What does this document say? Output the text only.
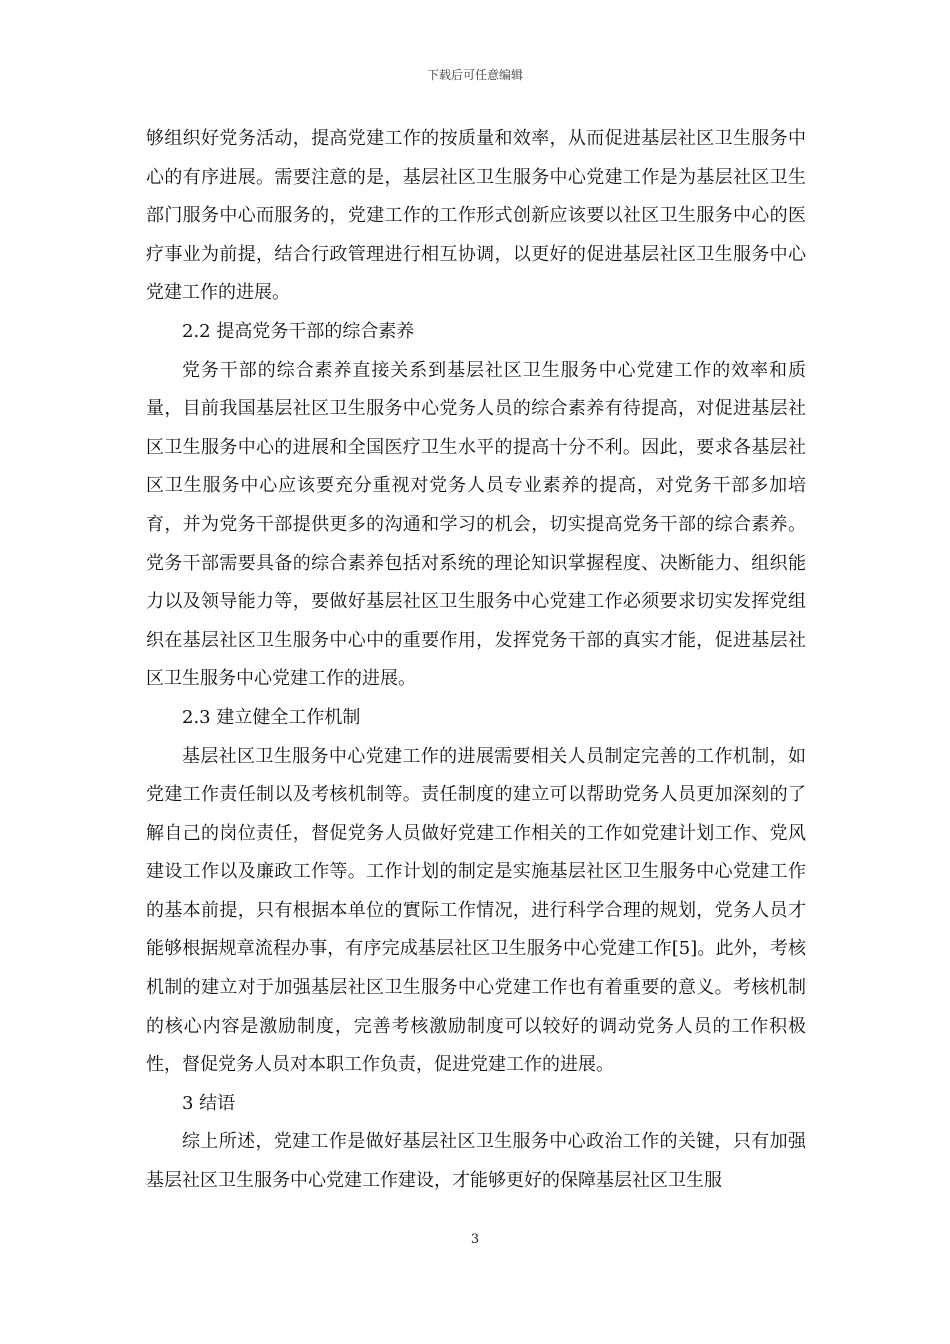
下载后可任意编辑

够组织好党务活动，提高党建工作的按质量和效率，从而促进基层社区卫生服务中心的有序进展。需要注意的是，基层社区卫生服务中心党建工作是为基层社区卫生部门服务中心而服务的，党建工作的工作形式创新应该要以社区卫生服务中心的医疗事业为前提，结合行政管理进行相互协调，以更好的促进基层社区卫生服务中心党建工作的进展。

2.2 提高党务干部的综合素养

党务干部的综合素养直接关系到基层社区卫生服务中心党建工作的效率和质量，目前我国基层社区卫生服务中心党务人员的综合素养有待提高，对促进基层社区卫生服务中心的进展和全国医疗卫生水平的提高十分不利。因此，要求各基层社区卫生服务中心应该要充分重视对党务人员专业素养的提高，对党务干部多加培育，并为党务干部提供更多的沟通和学习的机会，切实提高党务干部的综合素养。党务干部需要具备的综合素养包括对系统的理论知识掌握程度、决断能力、组织能力以及领导能力等，要做好基层社区卫生服务中心党建工作必须要求切实发挥党组织在基层社区卫生服务中心中的重要作用，发挥党务干部的真实才能，促进基层社区卫生服务中心党建工作的进展。

2.3 建立健全工作机制

基层社区卫生服务中心党建工作的进展需要相关人员制定完善的工作机制，如党建工作责任制以及考核机制等。责任制度的建立可以帮助党务人员更加深刻的了解自己的岗位责任，督促党务人员做好党建工作相关的工作如党建计划工作、党风建设工作以及廉政工作等。工作计划的制定是实施基层社区卫生服务中心党建工作的基本前提，只有根据本单位的實际工作情况，进行科学合理的规划，党务人员才能够根据规章流程办事，有序完成基层社区卫生服务中心党建工作[5]。此外，考核机制的建立对于加强基层社区卫生服务中心党建工作也有着重要的意义。考核机制的核心内容是激励制度，完善考核激励制度可以较好的调动党务人员的工作积极性，督促党务人员对本职工作负责，促进党建工作的进展。

3 结语

综上所述，党建工作是做好基层社区卫生服务中心政治工作的关键，只有加强基层社区卫生服务中心党建工作建设，才能够更好的保障基层社区卫生服

3
